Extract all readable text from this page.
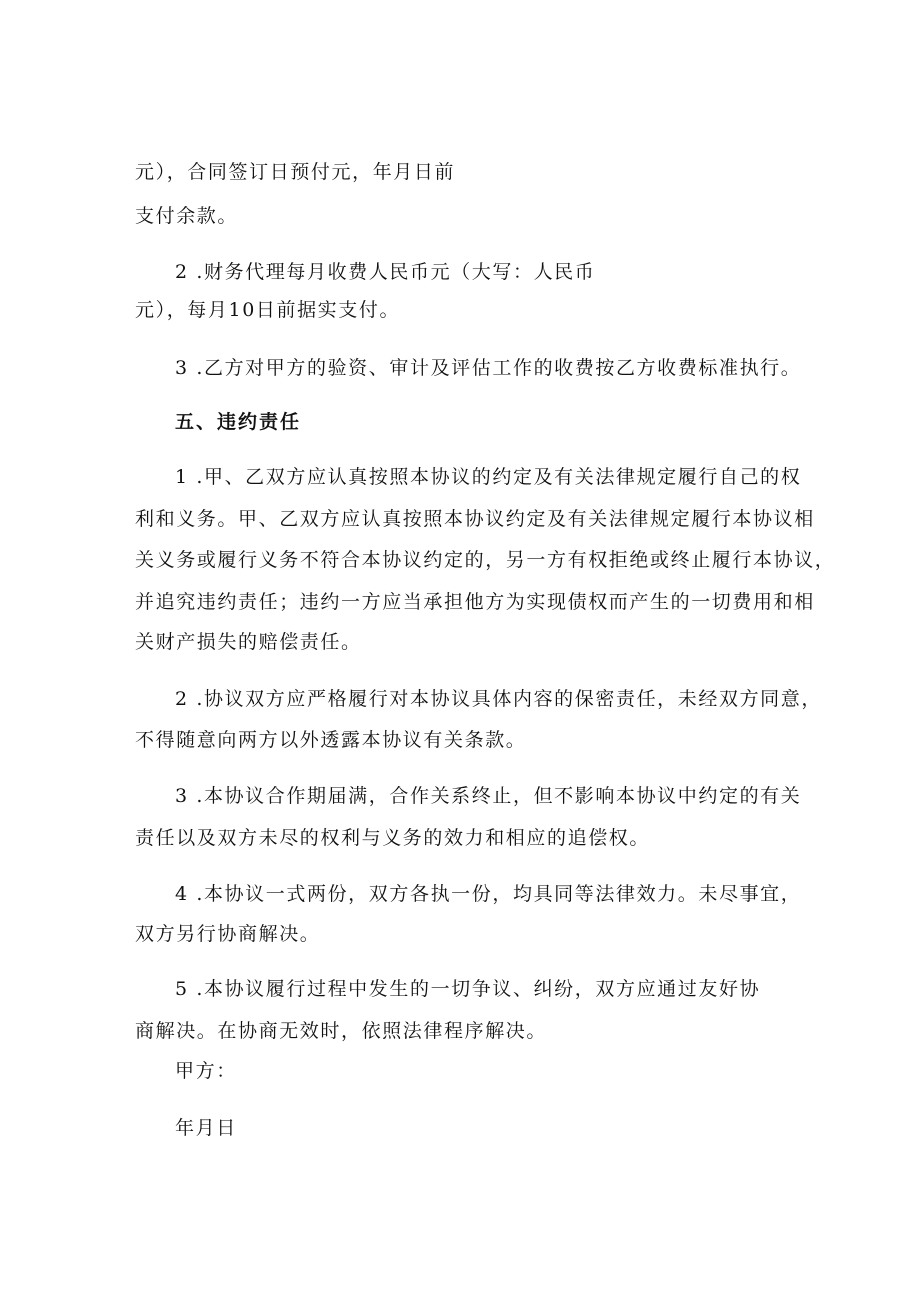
元），合同签订日预付元，年月日前
支付余款。
2 .财务代理每月收费人民币元（大写：人民币
元），每月10日前据实支付。
3 .乙方对甲方的验资、审计及评估工作的收费按乙方收费标准执行。
五、违约责任
1 .甲、乙双方应认真按照本协议的约定及有关法律规定履行自己的权
利和义务。甲、乙双方应认真按照本协议约定及有关法律规定履行本协议相
关义务或履行义务不符合本协议约定的，另一方有权拒绝或终止履行本协议，
并追究违约责任；违约一方应当承担他方为实现债权而产生的一切费用和相
关财产损失的赔偿责任。
2 .协议双方应严格履行对本协议具体内容的保密责任，未经双方同意，
不得随意向两方以外透露本协议有关条款。
3 .本协议合作期届满，合作关系终止，但不影响本协议中约定的有关
责任以及双方未尽的权利与义务的效力和相应的追偿权。
4 .本协议一式两份，双方各执一份，均具同等法律效力。未尽事宜，
双方另行协商解决。
5 .本协议履行过程中发生的一切争议、纠纷，双方应通过友好协
商解决。在协商无效时，依照法律程序解决。
甲方：
年月日
